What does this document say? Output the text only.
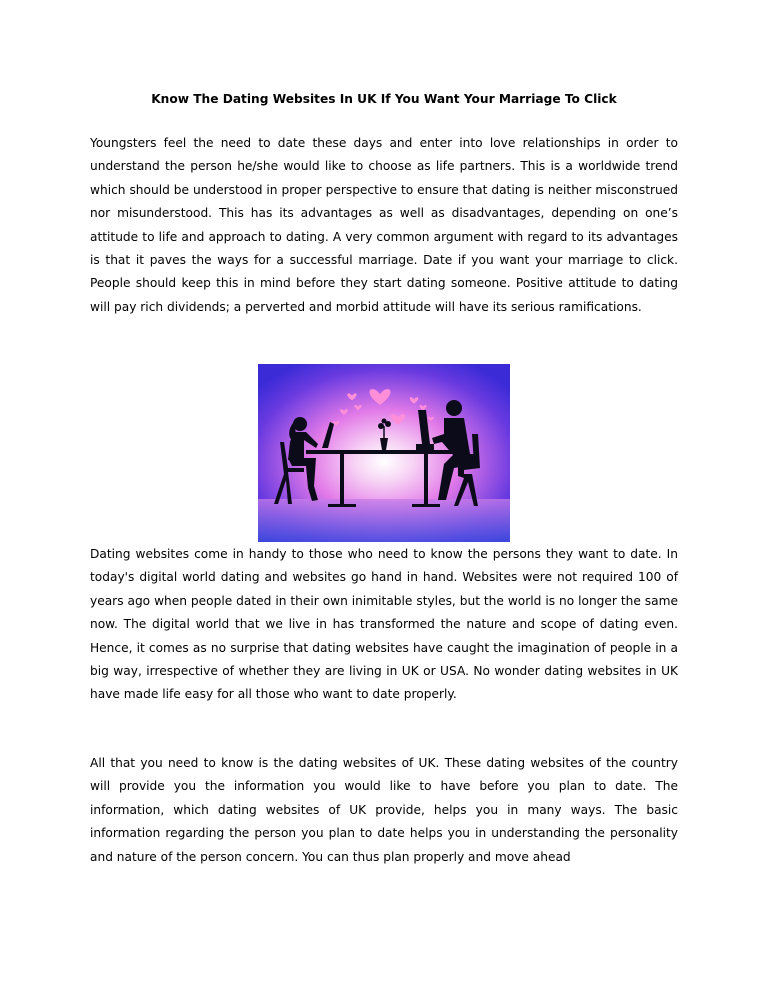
Know The Dating Websites In UK If You Want Your Marriage To Click

Youngsters feel the need to date these days and enter into love relationships in order to understand the person he/she would like to choose as life partners. This is a worldwide trend which should be understood in proper perspective to ensure that dating is neither misconstrued nor misunderstood. This has its advantages as well as disadvantages, depending on one’s attitude to life and approach to dating. A very common argument with regard to its advantages is that it paves the ways for a successful marriage. Date if you want your marriage to click. People should keep this in mind before they start dating someone. Positive attitude to dating will pay rich dividends; a perverted and morbid attitude will have its serious ramifications.

Dating websites come in handy to those who need to know the persons they want to date. In today's digital world dating and websites go hand in hand. Websites were not required 100 of years ago when people dated in their own inimitable styles, but the world is no longer the same now. The digital world that we live in has transformed the nature and scope of dating even. Hence, it comes as no surprise that dating websites have caught the imagination of people in a big way, irrespective of whether they are living in UK or USA. No wonder dating websites in UK have made life easy for all those who want to date properly.

All that you need to know is the dating websites of UK. These dating websites of the country will provide you the information you would like to have before you plan to date. The information, which dating websites of UK provide, helps you in many ways. The basic information regarding the person you plan to date helps you in understanding the personality and nature of the person concern. You can thus plan properly and move ahead
